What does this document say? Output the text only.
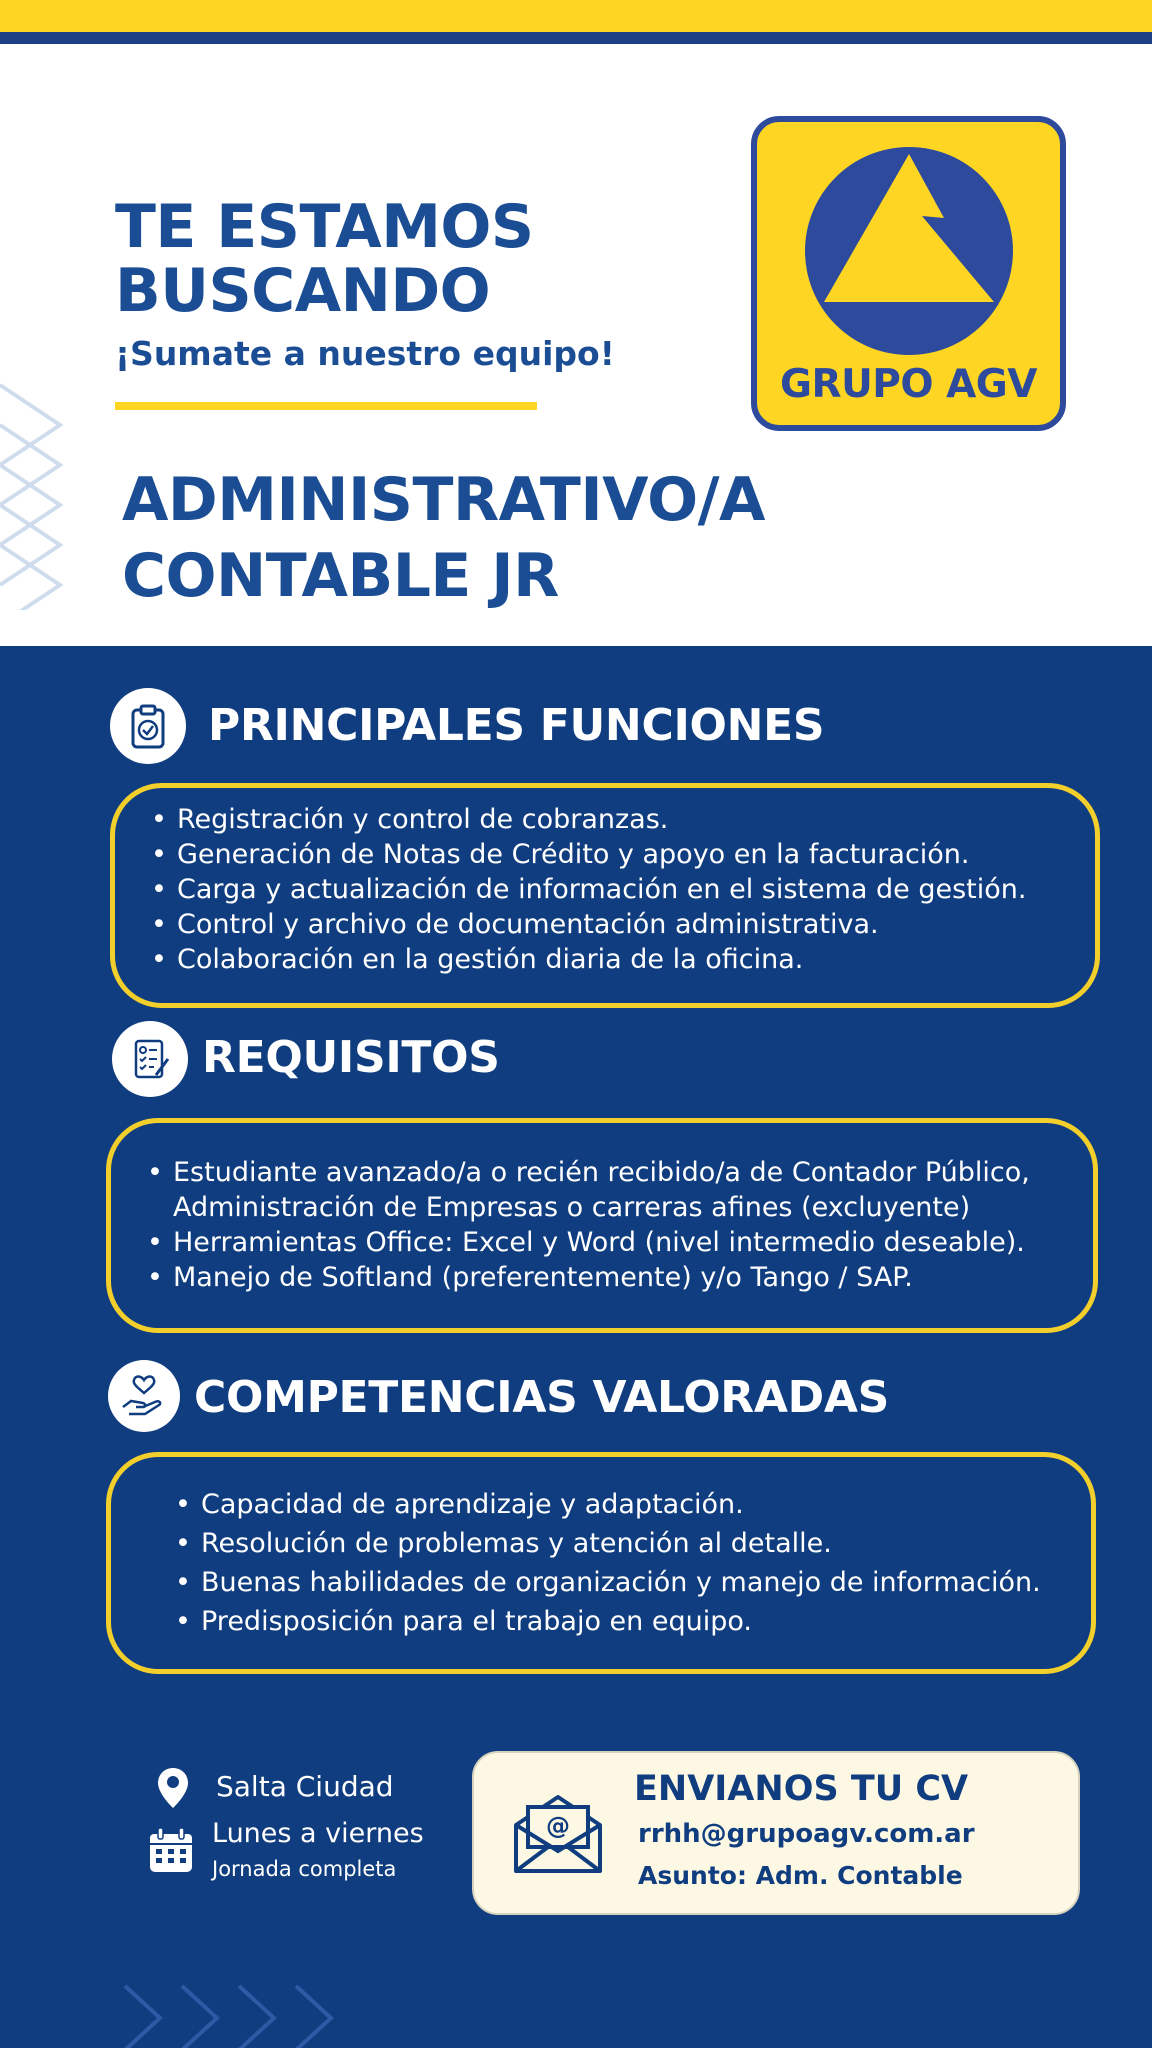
TE ESTAMOS
BUSCANDO
¡Sumate a nuestro equipo!
ADMINISTRATIVO/A
CONTABLE JR
GRUPO AGV
PRINCIPALES FUNCIONES
• Registración y control de cobranzas.
• Generación de Notas de Crédito y apoyo en la facturación.
• Carga y actualización de información en el sistema de gestión.
• Control y archivo de documentación administrativa.
• Colaboración en la gestión diaria de la oficina.
REQUISITOS
• Estudiante avanzado/a o recién recibido/a de Contador Público,
Administración de Empresas o carreras afines (excluyente)
• Herramientas Office: Excel y Word (nivel intermedio deseable).
• Manejo de Softland (preferentemente) y/o Tango / SAP.
COMPETENCIAS VALORADAS
• Capacidad de aprendizaje y adaptación.
• Resolución de problemas y atención al detalle.
• Buenas habilidades de organización y manejo de información.
• Predisposición para el trabajo en equipo.
Salta Ciudad
Lunes a viernes
Jornada completa
@
ENVIANOS TU CV
rrhh@grupoagv.com.ar
Asunto: Adm. Contable
